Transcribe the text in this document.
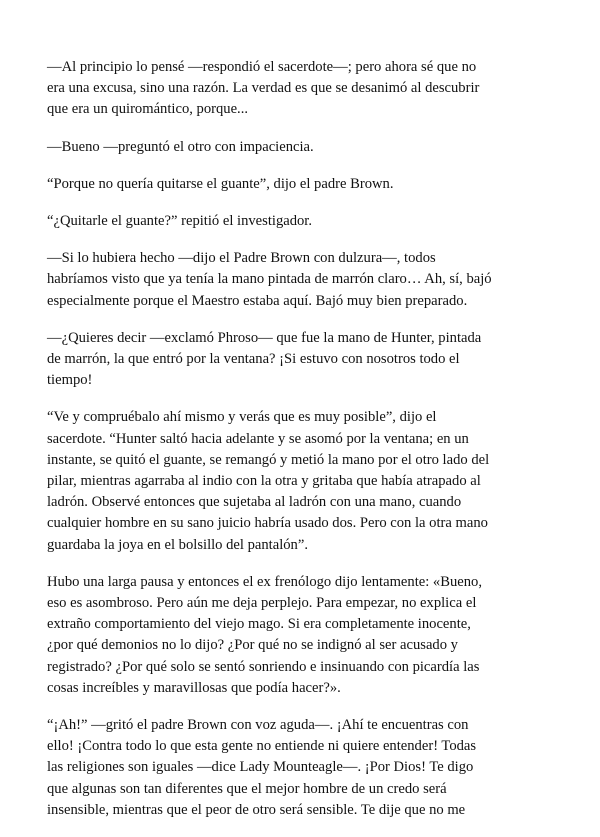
—Al principio lo pensé —respondió el sacerdote—; pero ahora sé que no
era una excusa, sino una razón. La verdad es que se desanimó al descubrir
que era un quiromántico, porque...

—Bueno —preguntó el otro con impaciencia.

“Porque no quería quitarse el guante”, dijo el padre Brown.

“¿Quitarle el guante?” repitió el investigador.

—Si lo hubiera hecho —dijo el Padre Brown con dulzura—, todos
habríamos visto que ya tenía la mano pintada de marrón claro… Ah, sí, bajó
especialmente porque el Maestro estaba aquí. Bajó muy bien preparado.

—¿Quieres decir —exclamó Phroso— que fue la mano de Hunter, pintada
de marrón, la que entró por la ventana? ¡Si estuvo con nosotros todo el
tiempo!

“Ve y compruébalo ahí mismo y verás que es muy posible”, dijo el
sacerdote. “Hunter saltó hacia adelante y se asomó por la ventana; en un
instante, se quitó el guante, se remangó y metió la mano por el otro lado del
pilar, mientras agarraba al indio con la otra y gritaba que había atrapado al
ladrón. Observé entonces que sujetaba al ladrón con una mano, cuando
cualquier hombre en su sano juicio habría usado dos. Pero con la otra mano
guardaba la joya en el bolsillo del pantalón”.

Hubo una larga pausa y entonces el ex frenólogo dijo lentamente: «Bueno,
eso es asombroso. Pero aún me deja perplejo. Para empezar, no explica el
extraño comportamiento del viejo mago. Si era completamente inocente,
¿por qué demonios no lo dijo? ¿Por qué no se indignó al ser acusado y
registrado? ¿Por qué solo se sentó sonriendo e insinuando con picardía las
cosas increíbles y maravillosas que podía hacer?».

“¡Ah!” —gritó el padre Brown con voz aguda—. ¡Ahí te encuentras con
ello! ¡Contra todo lo que esta gente no entiende ni quiere entender! Todas
las religiones son iguales —dice Lady Mounteagle—. ¡Por Dios! Te digo
que algunas son tan diferentes que el mejor hombre de un credo será
insensible, mientras que el peor de otro será sensible. Te dije que no me
